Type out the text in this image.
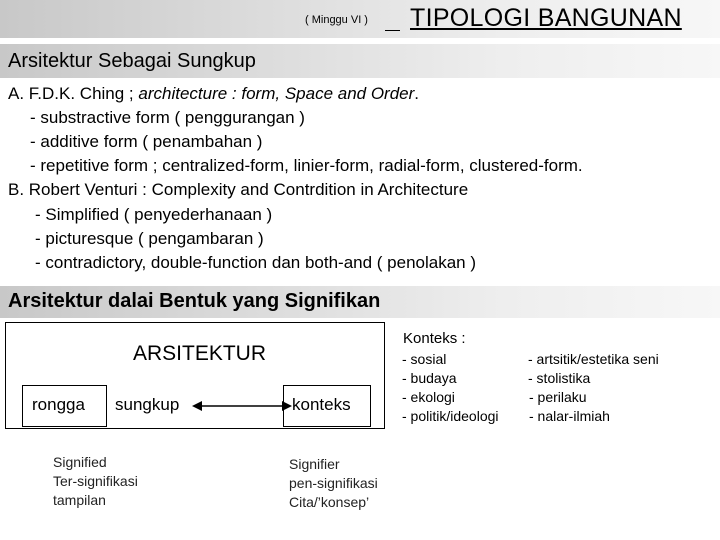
( Minggu VI ) TIPOLOGI BANGUNAN
Arsitektur Sebagai Sungkup
A. F.D.K. Ching ; architecture : form, Space and Order.
- substractive form ( penggurangan )
- additive form ( penambahan )
- repetitive form ; centralized-form, linier-form, radial-form, clustered-form.
B. Robert Venturi : Complexity and Contrdition in Architecture
- Simplified ( penyederhanaan )
- picturesque ( pengambaran )
- contradictory, double-function dan both-and ( penolakan )
Arsitektur dalai Bentuk yang Signifikan
ARSITEKTUR
rongga sungkup	konteks
Signified
Ter-signifikasi
tampilan
Signifier
pen-signifikasi
Cita/’konsep’
Konteks :
- sosial
- budaya
- ekologi
- politik/ideologi
- artsitik/estetika seni
- stolistika
- perilaku
- nalar-ilmiah
